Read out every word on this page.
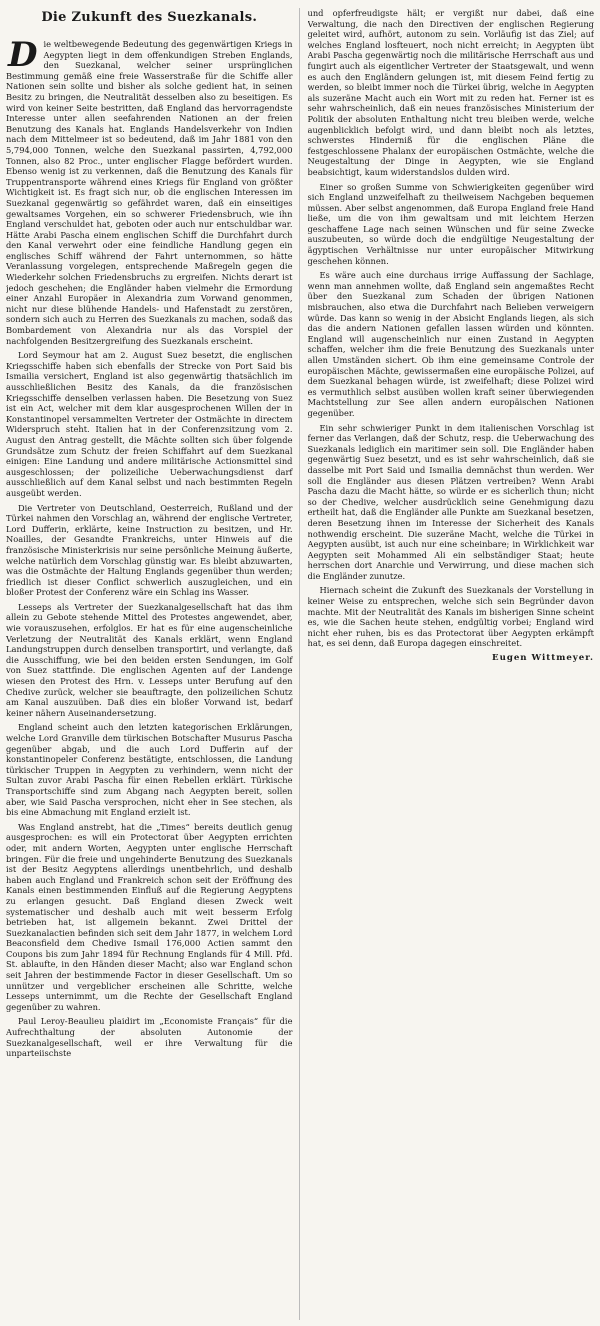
Die Zukunft des Suezkanals.

Die weltbewegende Bedeutung des gegenwärtigen Kriegs in Aegypten liegt in dem offenkundigen Streben Englands, den Suezkanal, welcher seiner ursprünglichen Bestimmung gemäß eine freie Wasserstraße für die Schiffe aller Nationen sein sollte und bisher als solche gedient hat, in seinen Besitz zu bringen, die Neutralität desselben also zu beseitigen. Es wird von keiner Seite bestritten, daß England das hervorragendste Interesse unter allen seefahrenden Nationen an der freien Benutzung des Kanals hat. Englands Handelsverkehr von Indien nach dem Mittelmeer ist so bedeutend, daß im Jahr 1881 von den 5,794,000 Tonnen, welche den Suezkanal passirten, 4,792,000 Tonnen, also 82 Proc., unter englischer Flagge befördert wurden. Ebenso wenig ist zu verkennen, daß die Benutzung des Kanals für Truppentransporte während eines Kriegs für England von größter Wichtigkeit ist. Es fragt sich nur, ob die englischen Interessen im Suezkanal gegenwärtig so gefährdet waren, daß ein einseitiges gewaltsames Vorgehen, ein so schwerer Friedensbruch, wie ihn England verschuldet hat, geboten oder auch nur entschuldbar war. Hätte Arabi Pascha einem englischen Schiff die Durchfahrt durch den Kanal verwehrt oder eine feindliche Handlung gegen ein englisches Schiff während der Fahrt unternommen, so hätte Veranlassung vorgelegen, entsprechende Maßregeln gegen die Wiederkehr solchen Friedensbruchs zu ergreifen. Nichts derart ist jedoch geschehen; die Engländer haben vielmehr die Ermordung einer Anzahl Europäer in Alexandria zum Vorwand genommen, nicht nur diese blühende Handels- und Hafenstadt zu zerstören, sondern sich auch zu Herren des Suezkanals zu machen, sodaß das Bombardement von Alexandria nur als das Vorspiel der nachfolgenden Besitzergreifung des Suezkanals erscheint.

Lord Seymour hat am 2. August Suez besetzt, die englischen Kriegsschiffe haben sich ebenfalls der Strecke von Port Said bis Ismailia versichert, England ist also gegenwärtig thatsächlich im ausschließlichen Besitz des Kanals, da die französischen Kriegsschiffe denselben verlassen haben. Die Besetzung von Suez ist ein Act, welcher mit dem klar ausgesprochenen Willen der in Konstantinopel versammelten Vertreter der Ostmächte in directem Widerspruch steht. Italien hat in der Conferenzsitzung vom 2. August den Antrag gestellt, die Mächte sollten sich über folgende Grundsätze zum Schutz der freien Schiffahrt auf dem Suezkanal einigen: Eine Landung und andere militärische Actionsmittel sind ausgeschlossen; der polizeiliche Ueberwachungsdienst darf ausschließlich auf dem Kanal selbst und nach bestimmten Regeln ausgeübt werden.

Die Vertreter von Deutschland, Oesterreich, Rußland und der Türkei nahmen den Vorschlag an, während der englische Vertreter, Lord Dufferin, erklärte, keine Instruction zu besitzen, und Hr. Noailles, der Gesandte Frankreichs, unter Hinweis auf die französische Ministerkrisis nur seine persönliche Meinung äußerte, welche natürlich dem Vorschlag günstig war. Es bleibt abzuwarten, was die Ostmächte der Haltung Englands gegenüber thun werden; friedlich ist dieser Conflict schwerlich auszugleichen, und ein bloßer Protest der Conferenz wäre ein Schlag ins Wasser.

Lesseps als Vertreter der Suezkanalgesellschaft hat das ihm allein zu Gebote stehende Mittel des Protestes angewendet, aber, wie vorauszusehen, erfolglos. Er hat es für eine augenscheinliche Verletzung der Neutralität des Kanals erklärt, wenn England Landungstruppen durch denselben transportirt, und verlangte, daß die Ausschiffung, wie bei den beiden ersten Sendungen, im Golf von Suez stattfinde. Die englischen Agenten auf der Landenge wiesen den Protest des Hrn. v. Lesseps unter Berufung auf den Chedive zurück, welcher sie beauftragte, den polizeilichen Schutz am Kanal auszuüben. Daß dies ein bloßer Vorwand ist, bedarf keiner nähern Auseinandersetzung.

England scheint auch den letzten kategorischen Erklärungen, welche Lord Granville dem türkischen Botschafter Musurus Pascha gegenüber abgab, und die auch Lord Dufferin auf der konstantinopeler Conferenz bestätigte, entschlossen, die Landung türkischer Truppen in Aegypten zu verhindern, wenn nicht der Sultan zuvor Arabi Pascha für einen Rebellen erklärt. Türkische Transportschiffe sind zum Abgang nach Aegypten bereit, sollen aber, wie Said Pascha versprochen, nicht eher in See stechen, als bis eine Abmachung mit England erzielt ist.

Was England anstrebt, hat die „Times“ bereits deutlich genug ausgesprochen: es will ein Protectorat über Aegypten errichten oder, mit andern Worten, Aegypten unter englische Herrschaft bringen. Für die freie und ungehinderte Benutzung des Suezkanals ist der Besitz Aegyptens allerdings unentbehrlich, und deshalb haben auch England und Frankreich schon seit der Eröffnung des Kanals einen bestimmenden Einfluß auf die Regierung Aegyptens zu erlangen gesucht. Daß England diesen Zweck weit systematischer und deshalb auch mit weit besserm Erfolg betrieben hat, ist allgemein bekannt. Zwei Drittel der Suezkanalactien befinden sich seit dem Jahr 1877, in welchem Lord Beaconsfield dem Chedive Ismail 176,000 Actien sammt den Coupons bis zum Jahr 1894 für Rechnung Englands für 4 Mill. Pfd. St. ablaufte, in den Händen dieser Macht; also war England schon seit Jahren der bestimmende Factor in dieser Gesellschaft. Um so unnützer und vergeblicher erscheinen alle Schritte, welche Lesseps unternimmt, um die Rechte der Gesellschaft England gegenüber zu wahren.

Paul Leroy-Beaulieu plaidirt im „Economiste Français“ für die Aufrechthaltung der absoluten Autonomie der Suezkanalgesellschaft, weil er ihre Verwaltung für die unparteiischste

und opferfreudigste hält; er vergißt nur dabei, daß eine Verwaltung, die nach den Directiven der englischen Regierung geleitet wird, aufhört, autonom zu sein. Vorläufig ist das Ziel; auf welches England losfteuert, noch nicht erreicht; in Aegypten übt Arabi Pascha gegenwärtig noch die militärische Herrschaft aus und fungirt auch als eigentlicher Vertreter der Staatsgewalt, und wenn es auch den Engländern gelungen ist, mit diesem Feind fertig zu werden, so bleibt immer noch die Türkei übrig, welche in Aegypten als suzeräne Macht auch ein Wort mit zu reden hat. Ferner ist es sehr wahrscheinlich, daß ein neues französisches Ministerium der Politik der absoluten Enthaltung nicht treu bleiben werde, welche augenblicklich befolgt wird, und dann bleibt noch als letztes, schwerstes Hinderniß für die englischen Pläne die festgeschlossene Phalanx der europäischen Ostmächte, welche die Neugestaltung der Dinge in Aegypten, wie sie England beabsichtigt, kaum widerstandslos dulden wird.

Einer so großen Summe von Schwierigkeiten gegenüber wird sich England unzweifelhaft zu theilweisem Nachgeben bequemen müssen. Aber selbst angenommen, daß Europa England freie Hand ließe, um die von ihm gewaltsam und mit leichtem Herzen geschaffene Lage nach seinen Wünschen und für seine Zwecke auszubeuten, so würde doch die endgültige Neugestaltung der ägyptischen Verhältnisse nur unter europäischer Mitwirkung geschehen können.

Es wäre auch eine durchaus irrige Auffassung der Sachlage, wenn man annehmen wollte, daß England sein angemaßtes Recht über den Suezkanal zum Schaden der übrigen Nationen misbrauchen, also etwa die Durchfahrt nach Belieben verweigern würde. Das kann so wenig in der Absicht Englands liegen, als sich das die andern Nationen gefallen lassen würden und könnten. England will augenscheinlich nur einen Zustand in Aegypten schaffen, welcher ihm die freie Benutzung des Suezkanals unter allen Umständen sichert. Ob ihm eine gemeinsame Controle der europäischen Mächte, gewissermaßen eine europäische Polizei, auf dem Suezkanal behagen würde, ist zweifelhaft; diese Polizei wird es vermuthlich selbst ausüben wollen kraft seiner überwiegenden Machtstellung zur See allen andern europäischen Nationen gegenüber.

Ein sehr schwieriger Punkt in dem italienischen Vorschlag ist ferner das Verlangen, daß der Schutz, resp. die Ueberwachung des Suezkanals lediglich ein maritimer sein soll. Die Engländer haben gegenwärtig Suez besetzt, und es ist sehr wahrscheinlich, daß sie dasselbe mit Port Said und Ismailia demnächst thun werden. Wer soll die Engländer aus diesen Plätzen vertreiben? Wenn Arabi Pascha dazu die Macht hätte, so würde er es sicherlich thun; nicht so der Chedive, welcher ausdrücklich seine Genehmigung dazu ertheilt hat, daß die Engländer alle Punkte am Suezkanal besetzen, deren Besetzung ihnen im Interesse der Sicherheit des Kanals nothwendig erscheint. Die suzeräne Macht, welche die Türkei in Aegypten ausübt, ist auch nur eine scheinbare; in Wirklichkeit war Aegypten seit Mohammed Ali ein selbständiger Staat; heute herrschen dort Anarchie und Verwirrung, und diese machen sich die Engländer zunutze.

Hiernach scheint die Zukunft des Suezkanals der Vorstellung in keiner Weise zu entsprechen, welche sich sein Begründer davon machte. Mit der Neutralität des Kanals im bisherigen Sinne scheint es, wie die Sachen heute stehen, endgültig vorbei; England wird nicht eher ruhen, bis es das Protectorat über Aegypten erkämpft hat, es sei denn, daß Europa dagegen einschreitet.

Eugen Wittmeyer.
